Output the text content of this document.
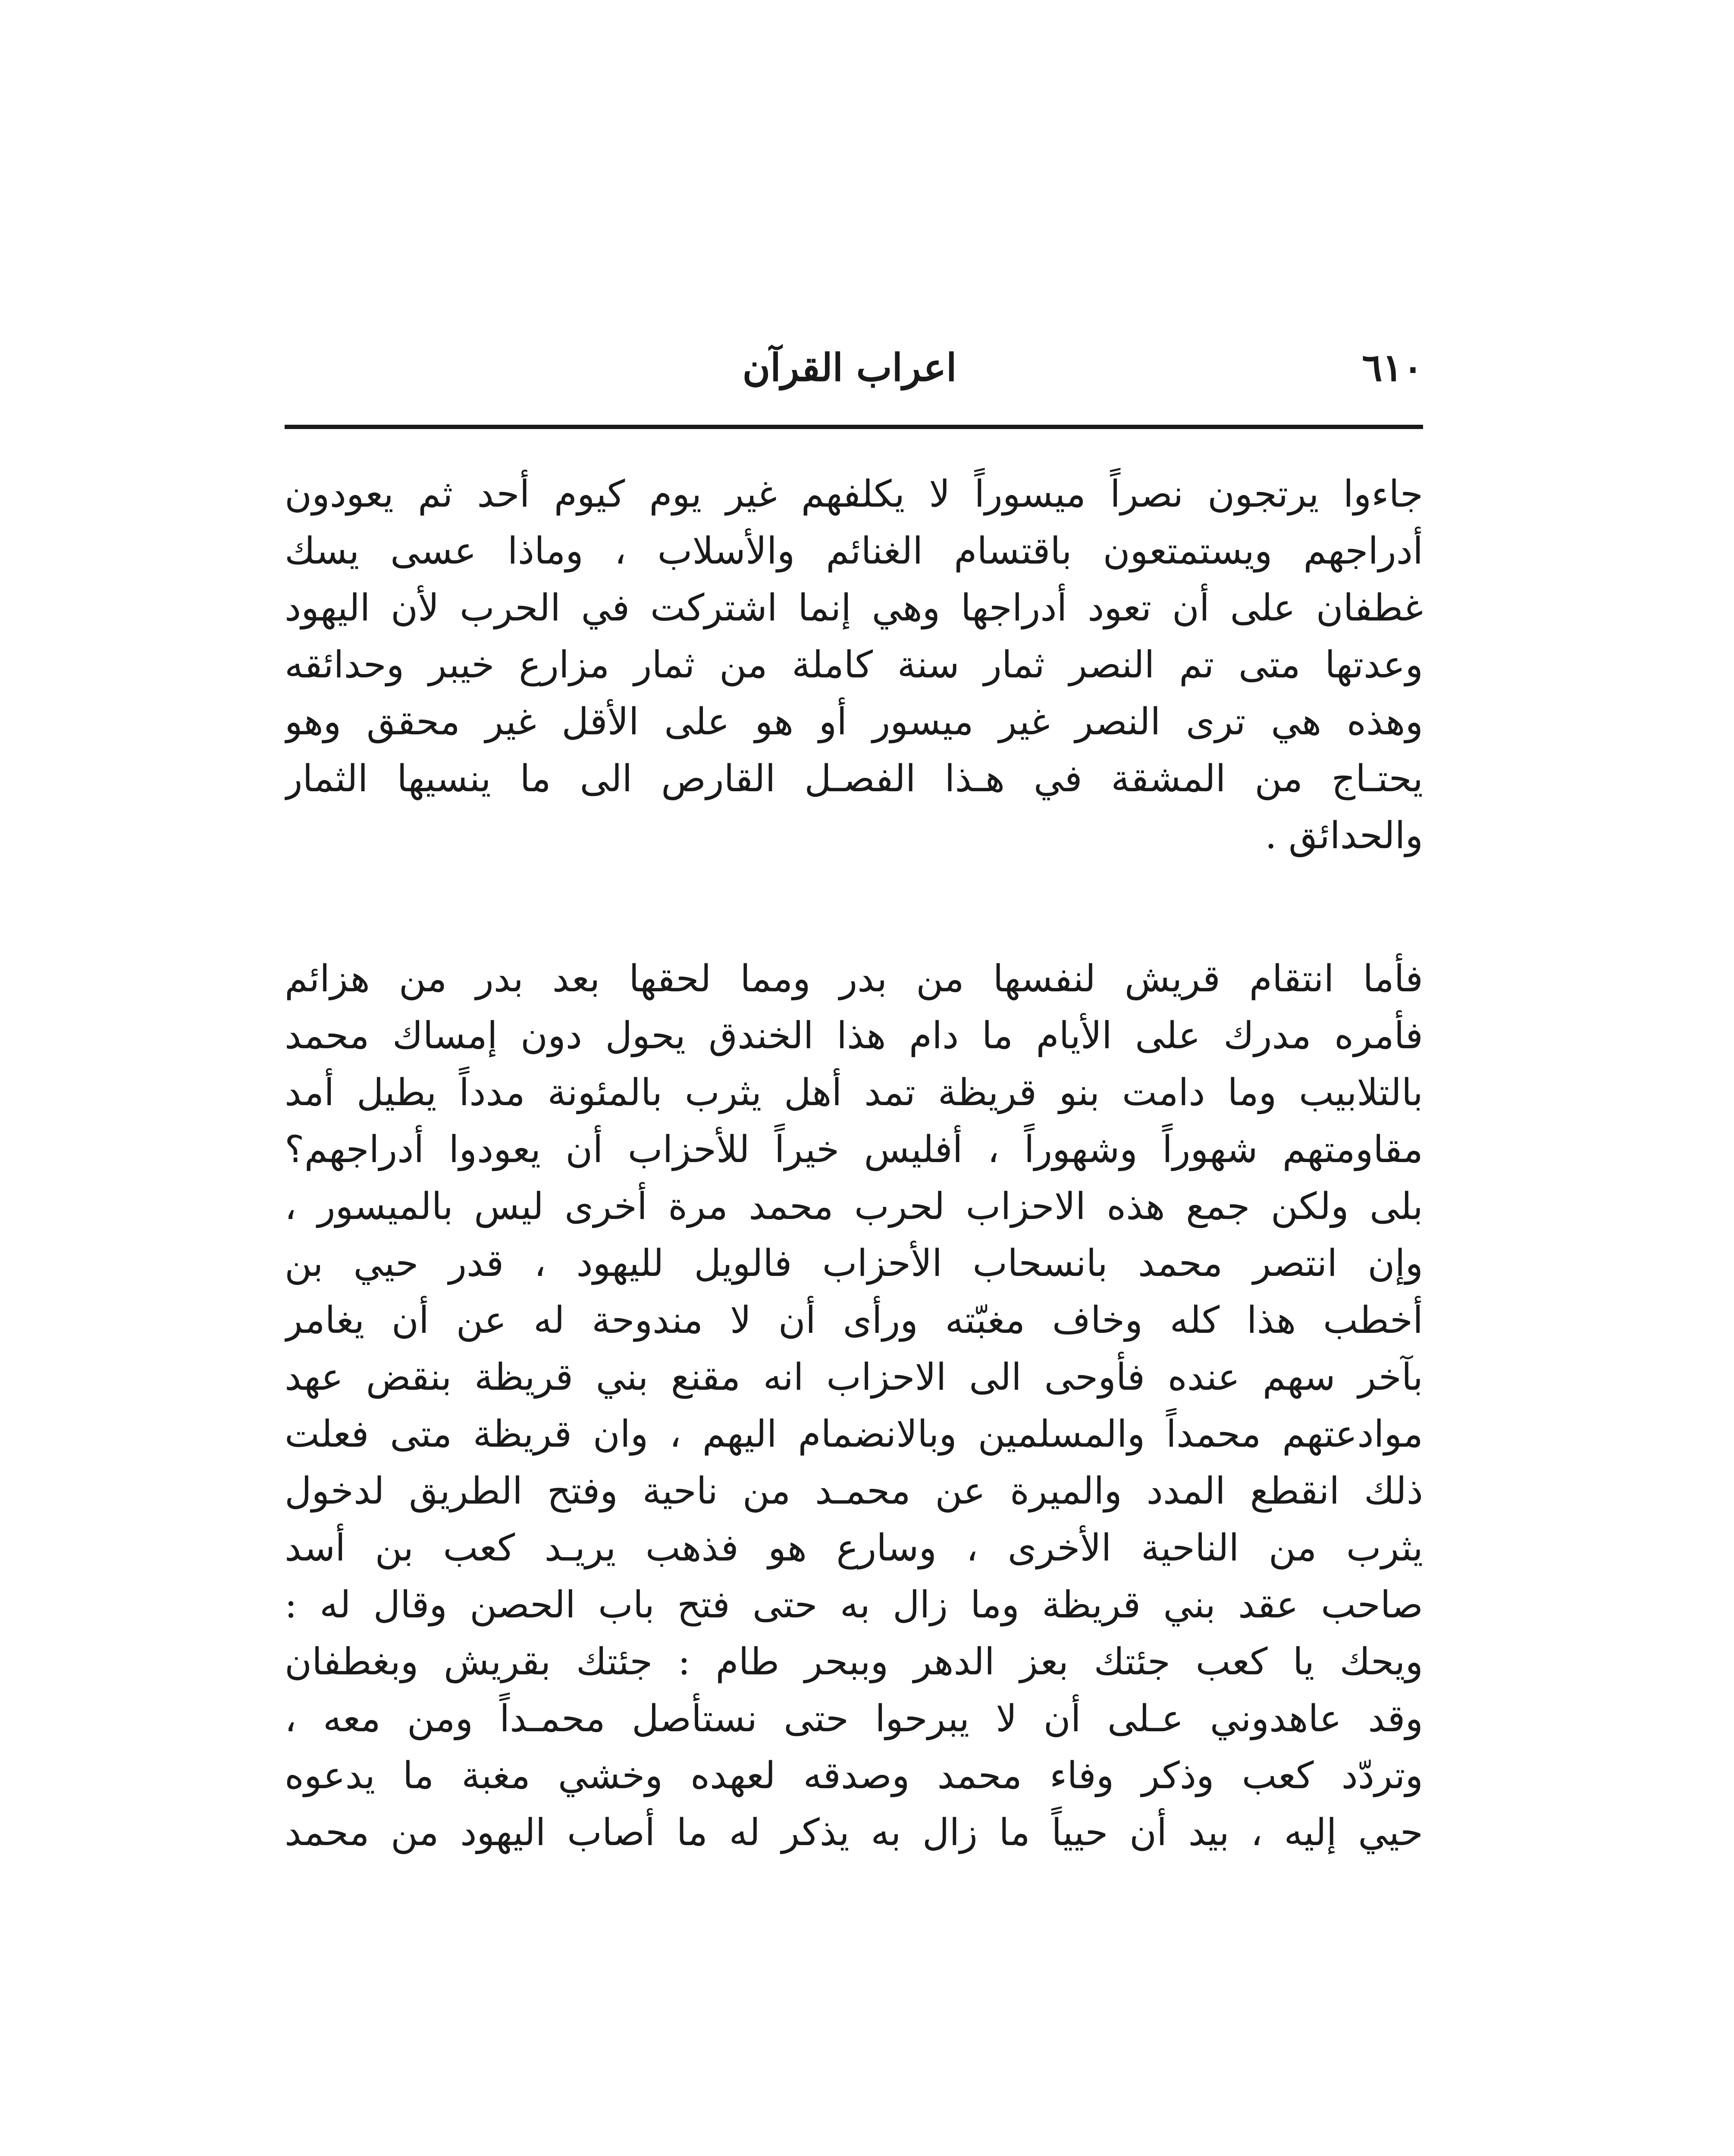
٦١٠
اعراب القرآن
جاءوا يرتجون نصراً ميسوراً لا يكلفهم غير يوم كيوم أحد ثم يعودون
أدراجهم ويستمتعون باقتسام الغنائم والأسلاب ، وماذا عسى يسك
غطفان على أن تعود أدراجها وهي إنما اشتركت في الحرب لأن اليهود
وعدتها متى تم النصر ثمار سنة كاملة من ثمار مزارع خيبر وحدائقه
وهذه هي ترى النصر غير ميسور أو هو على الأقل غير محقق وهو
يحتـاج من المشقة في هـذا الفصـل القارص الى ما ينسيها الثمار
والحدائق .
فأما انتقام قريش لنفسها من بدر ومما لحقها بعد بدر من هزائم
فأمره مدرك على الأيام ما دام هذا الخندق يحول دون إمساك محمد
بالتلابيب وما دامت بنو قريظة تمد أهل يثرب بالمئونة مدداً يطيل أمد
مقاومتهم شهوراً وشهوراً ، أفليس خيراً للأحزاب أن يعودوا أدراجهم؟
بلى ولكن جمع هذه الاحزاب لحرب محمد مرة أخرى ليس بالميسور ،
وإن انتصر محمد بانسحاب الأحزاب فالويل لليهود ، قدر حيي بن
أخطب هذا كله وخاف مغبّته ورأى أن لا مندوحة له عن أن يغامر
بآخر سهم عنده فأوحى الى الاحزاب انه مقنع بني قريظة بنقض عهد
موادعتهم محمداً والمسلمين وبالانضمام اليهم ، وان قريظة متى فعلت
ذلك انقطع المدد والميرة عن محمـد من ناحية وفتح الطريق لدخول
يثرب من الناحية الأخرى ، وسارع هو فذهب يريـد كعب بن أسد
صاحب عقد بني قريظة وما زال به حتى فتح باب الحصن وقال له :
ويحك يا كعب جئتك بعز الدهر وببحر طام : جئتك بقريش وبغطفان
وقد عاهدوني عـلى أن لا يبرحوا حتى نستأصل محمـداً ومن معه ،
وتردّد كعب وذكر وفاء محمد وصدقه لعهده وخشي مغبة ما يدعوه
حيي إليه ، بيد أن حيياً ما زال به يذكر له ما أصاب اليهود من محمد
